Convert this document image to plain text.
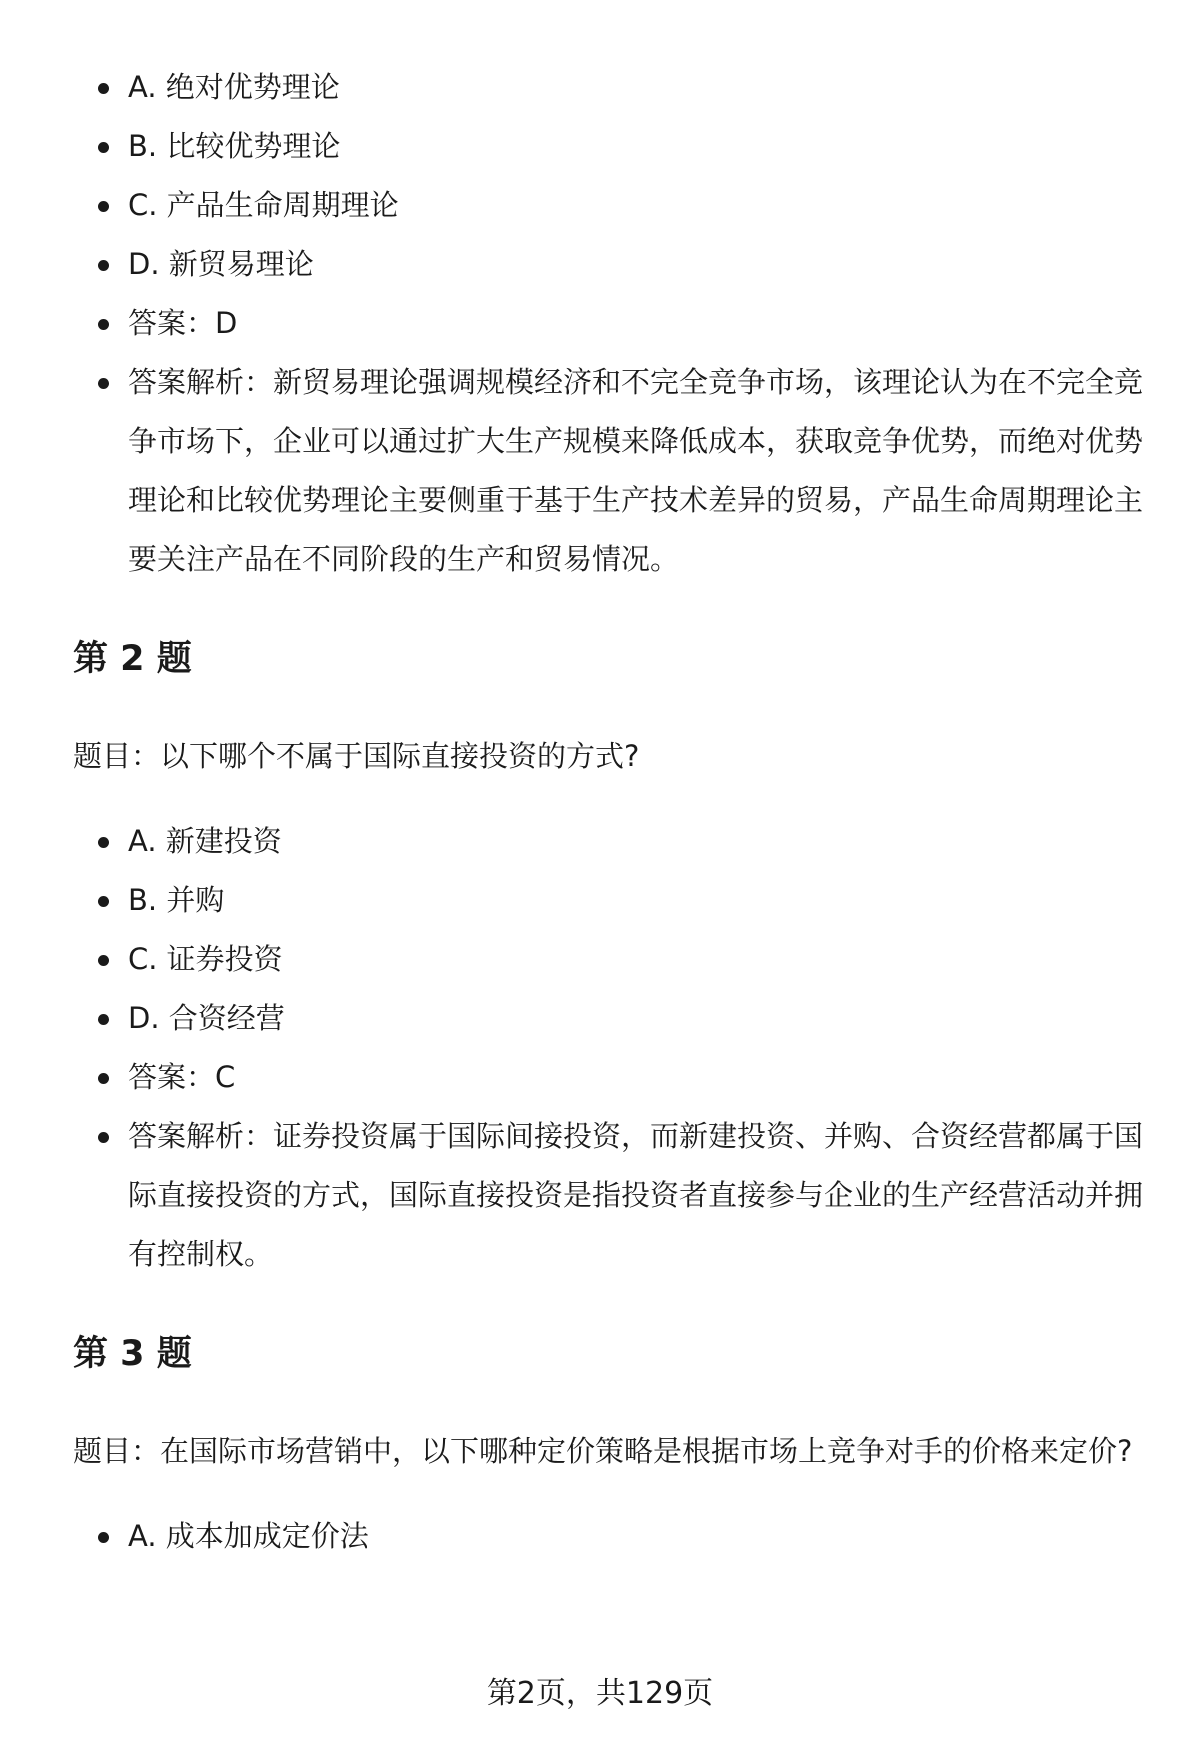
A. 绝对优势理论
B. 比较优势理论
C. 产品生命周期理论
D. 新贸易理论
答案：D
答案解析：新贸易理论强调规模经济和不完全竞争市场，该理论认为在不完全竞争市场下，企业可以通过扩大生产规模来降低成本，获取竞争优势，而绝对优势理论和比较优势理论主要侧重于基于生产技术差异的贸易，产品生命周期理论主要关注产品在不同阶段的生产和贸易情况。
第 2 题
题目：以下哪个不属于国际直接投资的方式?
A. 新建投资
B. 并购
C. 证券投资
D. 合资经营
答案：C
答案解析：证券投资属于国际间接投资，而新建投资、并购、合资经营都属于国际直接投资的方式，国际直接投资是指投资者直接参与企业的生产经营活动并拥有控制权。
第 3 题
题目：在国际市场营销中，以下哪种定价策略是根据市场上竞争对手的价格来定价?
A. 成本加成定价法
第2页，共129页
